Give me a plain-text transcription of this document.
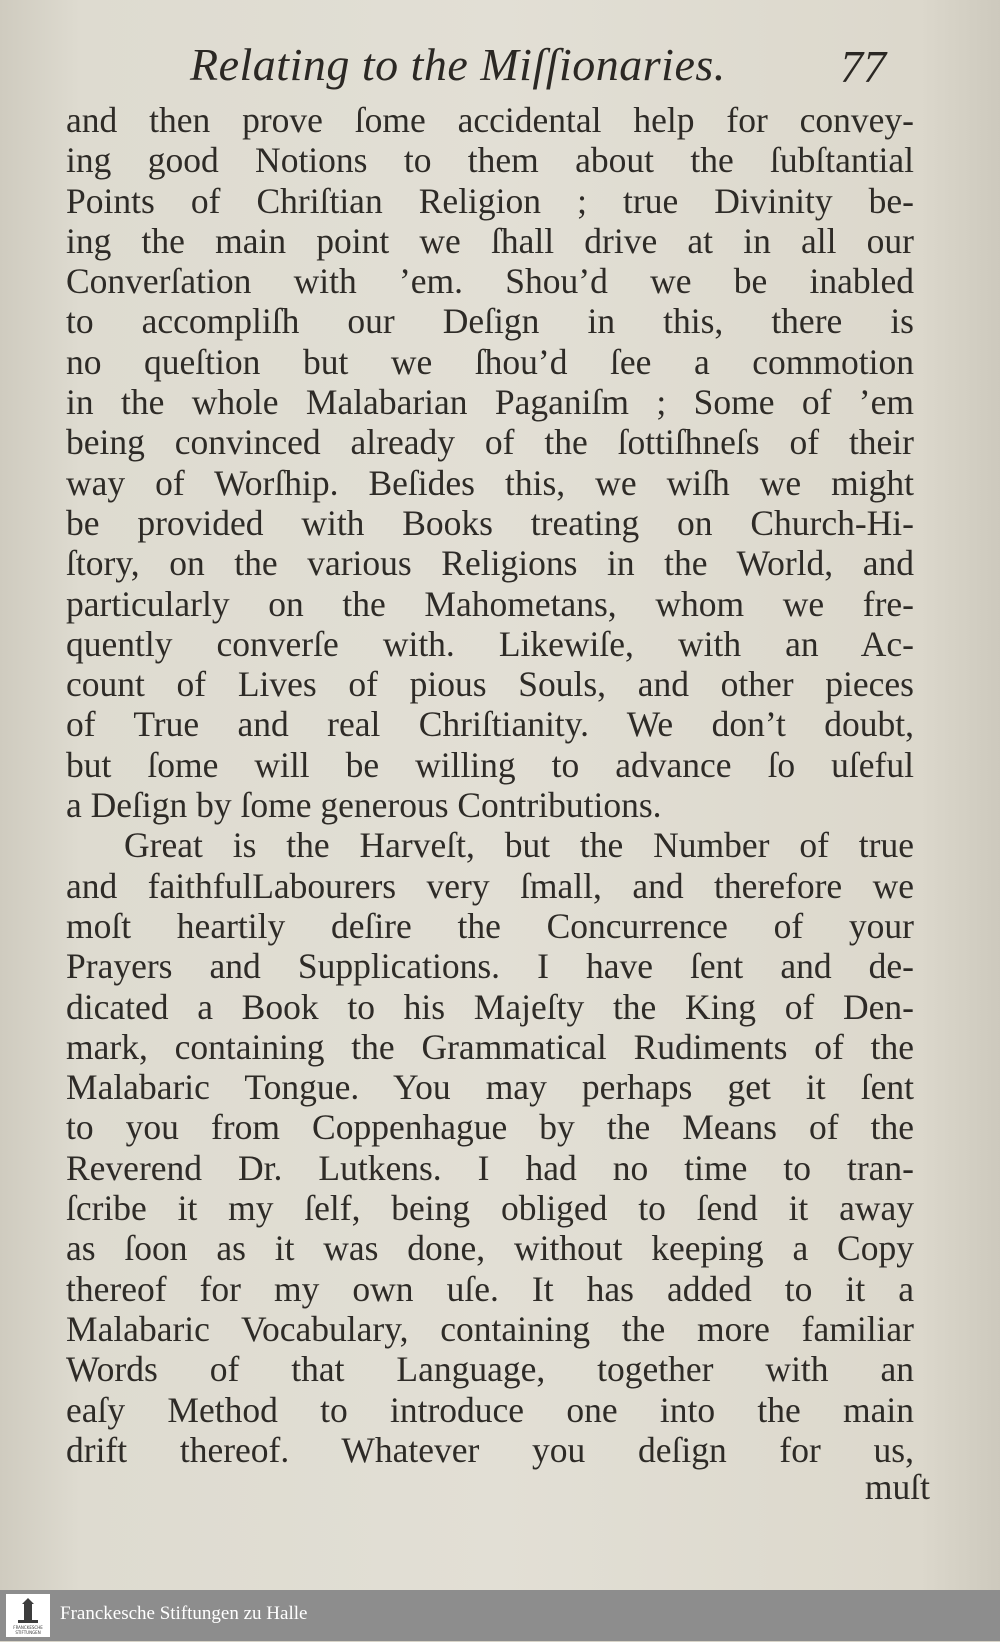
Relating to the Miſſionaries. 77
and then prove ſome accidental help for convey-
ing good Notions to them about the ſubſtantial
Points of Chriſtian Religion ; true Divinity be-
ing the main point we ſhall drive at in all our
Converſation with ’em. Shou’d we be inabled
to accompliſh our Deſign in this, there is
no queſtion but we ſhou’d ſee a commotion
in the whole Malabarian Paganiſm ; Some of ’em
being convinced already of the ſottiſhneſs of their
way of Worſhip. Beſides this, we wiſh we might
be provided with Books treating on Church-Hi-
ſtory, on the various Religions in the World, and
particularly on the Mahometans, whom we fre-
quently converſe with. Likewiſe, with an Ac-
count of Lives of pious Souls, and other pieces
of True and real Chriſtianity. We don’t doubt,
but ſome will be willing to advance ſo uſeful
a Deſign by ſome generous Contributions.
Great is the Harveſt, but the Number of true
and faithfulLabourers very ſmall, and therefore we
moſt heartily deſire the Concurrence of your
Prayers and Supplications. I have ſent and de-
dicated a Book to his Majeſty the King of Den-
mark, containing the Grammatical Rudiments of the
Malabaric Tongue. You may perhaps get it ſent
to you from Coppenhague by the Means of the
Reverend Dr. Lutkens. I had no time to tran-
ſcribe it my ſelf, being obliged to ſend it away
as ſoon as it was done, without keeping a Copy
thereof for my own uſe. It has added to it a
Malabaric Vocabulary, containing the more familiar
Words of that Language, together with an
eaſy Method to introduce one into the main
drift thereof. Whatever you deſign for us,
muſt
FRANCKESCHE
STIFTUNGEN
Franckesche Stiftungen zu Halle
